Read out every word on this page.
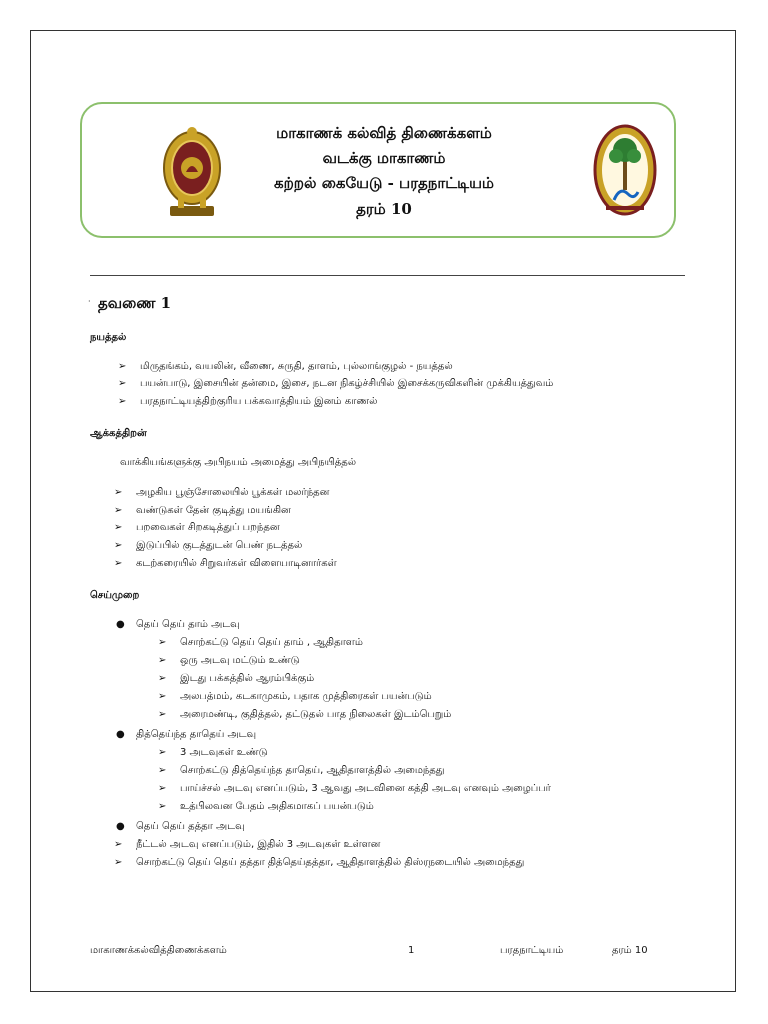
மாகாணக் கல்வித் திணைக்களம்
வடக்கு மாகாணம்
கற்றல் கையேடு - பரதநாட்டியம்
தரம் 10
· தவணை 1
நயத்தல்
➢ மிருதங்கம், வயலின், வீணை, சுருதி, தாளம், புல்லாங்குழல் - நயத்தல்
➢ பயன்பாடு, இசையின் தன்மை, இசை, நடன நிகழ்ச்சியில் இசைக்கருவிகளின் முக்கியத்துவம்
➢ பரதநாட்டியத்திற்குரிய பக்கவாத்தியம் இனம் காணல்
ஆக்கத்திறன்
வாக்கியங்களுக்கு அபிநயம் அமைத்து அபிநயித்தல்
➢ அழகிய பூஞ்சோலையில் பூக்கள் மலர்ந்தன
➢ வண்டுகள் தேன் குடித்து மயங்கின
➢ பறவைகள் சிறகடித்துப் பறந்தன
➢ இடுப்பில் குடத்துடன் பெண் நடத்தல்
➢ கடற்கரையில் சிறுவர்கள் விளையாடினார்கள்
செய்முறை
● தெய் தெய் தாம் அடவு
➢ சொற்கட்டு தெய் தெய் தாம் , ஆதிதாளம்
➢ ஒரு அடவு மட்டும் உண்டு
➢ இடது பக்கத்தில் ஆரம்பிக்கும்
➢ அலபத்மம், கடகாமுகம், பதாக முத்திரைகள் பயன்படும்
➢ அரைமண்டி, குதித்தல், தட்டுதல் பாத நிலைகள் இடம்பெறும்
● தித்தெய்ந்த தாதெய் அடவு
➢ 3 அடவுகள் உண்டு
➢ சொற்கட்டு தித்தெய்ந்த தாதெய், ஆதிதாளத்தில் அமைந்தது
➢ பாய்ச்சல் அடவு எனப்படும், 3 ஆவது அடவினை கத்தி அடவு எனவும் அழைப்பர்
➢ உத்பிலவன பேதம் அதிகமாகப் பயன்படும்
● தெய் தெய் தத்தா அடவு
➢ நீட்டல் அடவு எனப்படும், இதில் 3 அடவுகள் உள்ளன
➢ சொற்கட்டு தெய் தெய் தத்தா தித்தெய்தத்தா, ஆதிதாளத்தில் திஸ்ரநடையில் அமைந்தது
மாகாணக்கல்வித்திணைக்களம்	1	பரதநாட்டியம்	தரம் 10
